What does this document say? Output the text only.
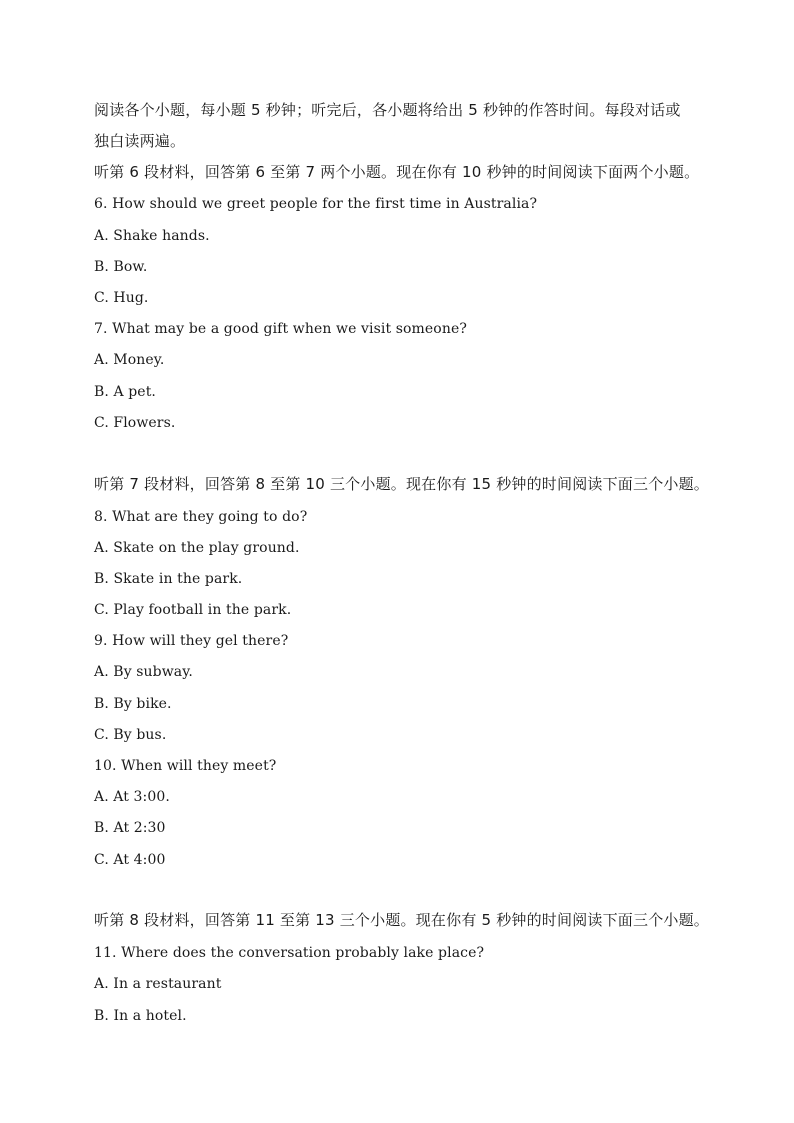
阅读各个小题，每小题 5 秒钟；听完后，各小题将给出 5 秒钟的作答时间。每段对话或
独白读两遍。
听第 6 段材料，回答第 6 至第 7 两个小题。现在你有 10 秒钟的时间阅读下面两个小题。
6. How should we greet people for the first time in Australia?
A. Shake hands.
B. Bow.
C. Hug.
7. What may be a good gift when we visit someone?
A. Money.
B. A pet.
C. Flowers.
听第 7 段材料，回答第 8 至第 10 三个小题。现在你有 15 秒钟的时间阅读下面三个小题。
8. What are they going to do?
A. Skate on the play ground.
B. Skate in the park.
C. Play football in the park.
9. How will they gel there?
A. By subway.
B. By bike.
C. By bus.
10. When will they meet?
A. At 3:00.
B. At 2:30
C. At 4:00
听第 8 段材料，回答第 11 至第 13 三个小题。现在你有 5 秒钟的时间阅读下面三个小题。
11. Where does the conversation probably lake place?
A. In a restaurant
B. In a hotel.
